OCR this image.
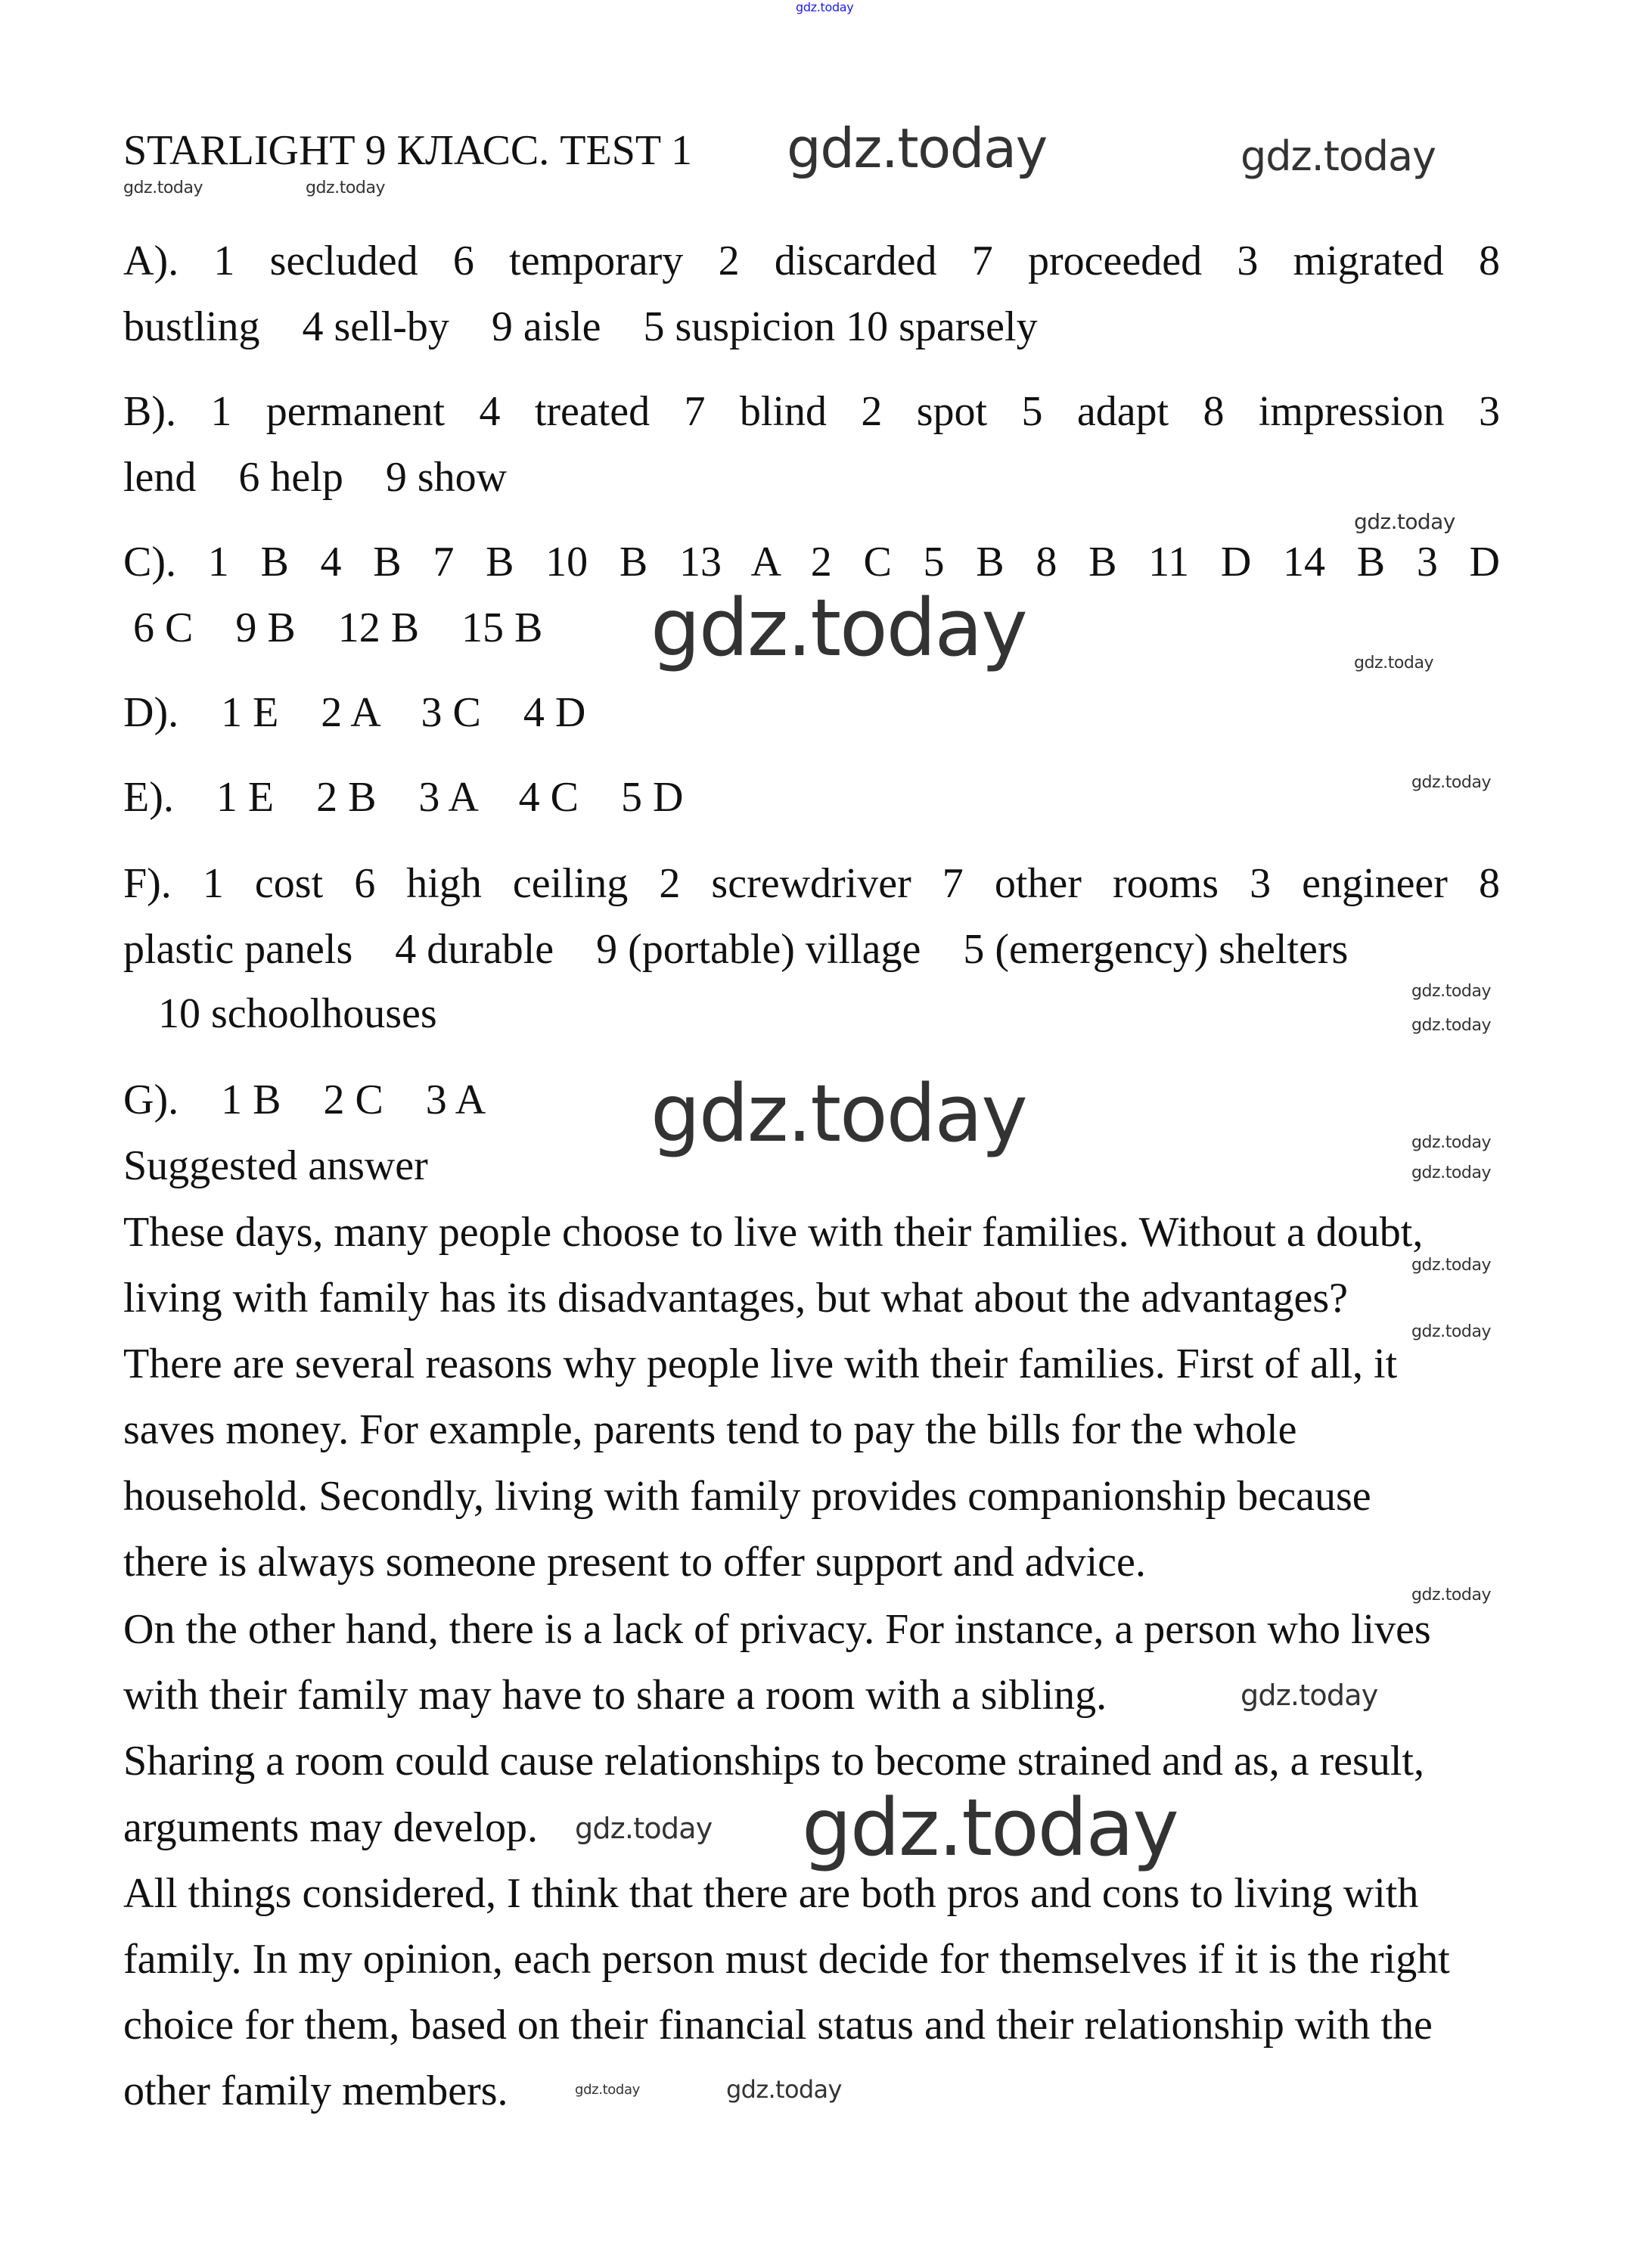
STARLIGHT 9 КЛАСС. TEST 1
A). 1 secluded 6 temporary 2 discarded 7 proceeded 3 migrated 8
bustling    4 sell-by    9 aisle    5 suspicion 10 sparsely
B). 1 permanent 4 treated 7 blind 2 spot 5 adapt 8 impression 3
lend    6 help    9 show
C). 1 B 4 B 7 B 10 B 13 A 2 C 5 B 8 B 11 D 14 B 3 D
6 C    9 B    12 B    15 B
D).    1 E    2 A    3 C    4 D
E).    1 E    2 B    3 A    4 C    5 D
F). 1 cost 6 high ceiling 2 screwdriver 7 other rooms 3 engineer 8
plastic panels    4 durable    9 (portable) village    5 (emergency) shelters
10 schoolhouses
G).    1 B    2 C    3 A
Suggested answer
These days, many people choose to live with their families. Without a doubt,
living with family has its disadvantages, but what about the advantages?
There are several reasons why people live with their families. First of all, it
saves money. For example, parents tend to pay the bills for the whole
household. Secondly, living with family provides companionship because
there is always someone present to offer support and advice.
On the other hand, there is a lack of privacy. For instance, a person who lives
with their family may have to share a room with a sibling.
Sharing a room could cause relationships to become strained and as, a result,
arguments may develop.
All things considered, I think that there are both pros and cons to living with
family. In my opinion, each person must decide for themselves if it is the right
choice for them, based on their financial status and their relationship with the
other family members.
gdz.today
gdz.today	gdz.today
gdz.today	gdz.today
gdz.today
gdz.today	gdz.today
gdz.today
gdz.today
gdz.today
gdz.today	gdz.today
gdz.today
gdz.today
gdz.today
gdz.today
gdz.today
gdz.today
gdz.today
gdz.today	gdz.today
